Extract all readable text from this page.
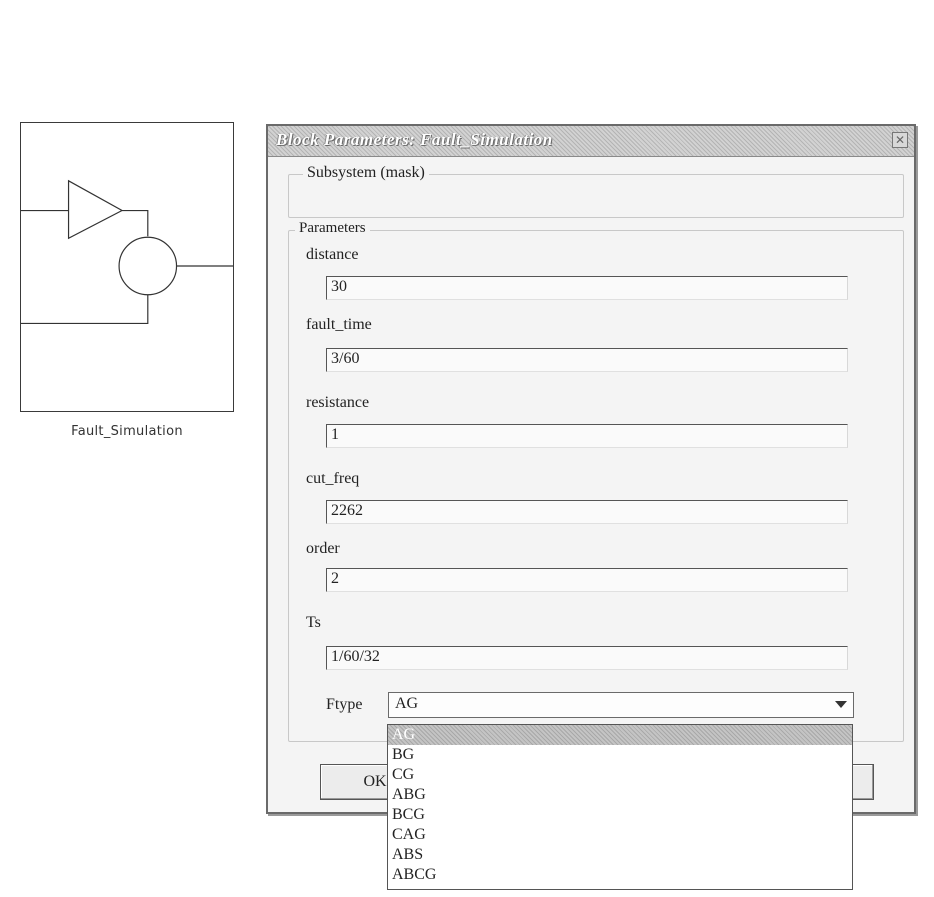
Fault_Simulation
Block Parameters: Fault_Simulation	✕
Subsystem (mask)
Parameters
distance
30
fault_time
3/60
resistance
1
cut_freq
2262
order
2
Ts
1/60/32
Ftype	AG
OK
AG
BG
CG
ABG
BCG
CAG
ABS
ABCG
